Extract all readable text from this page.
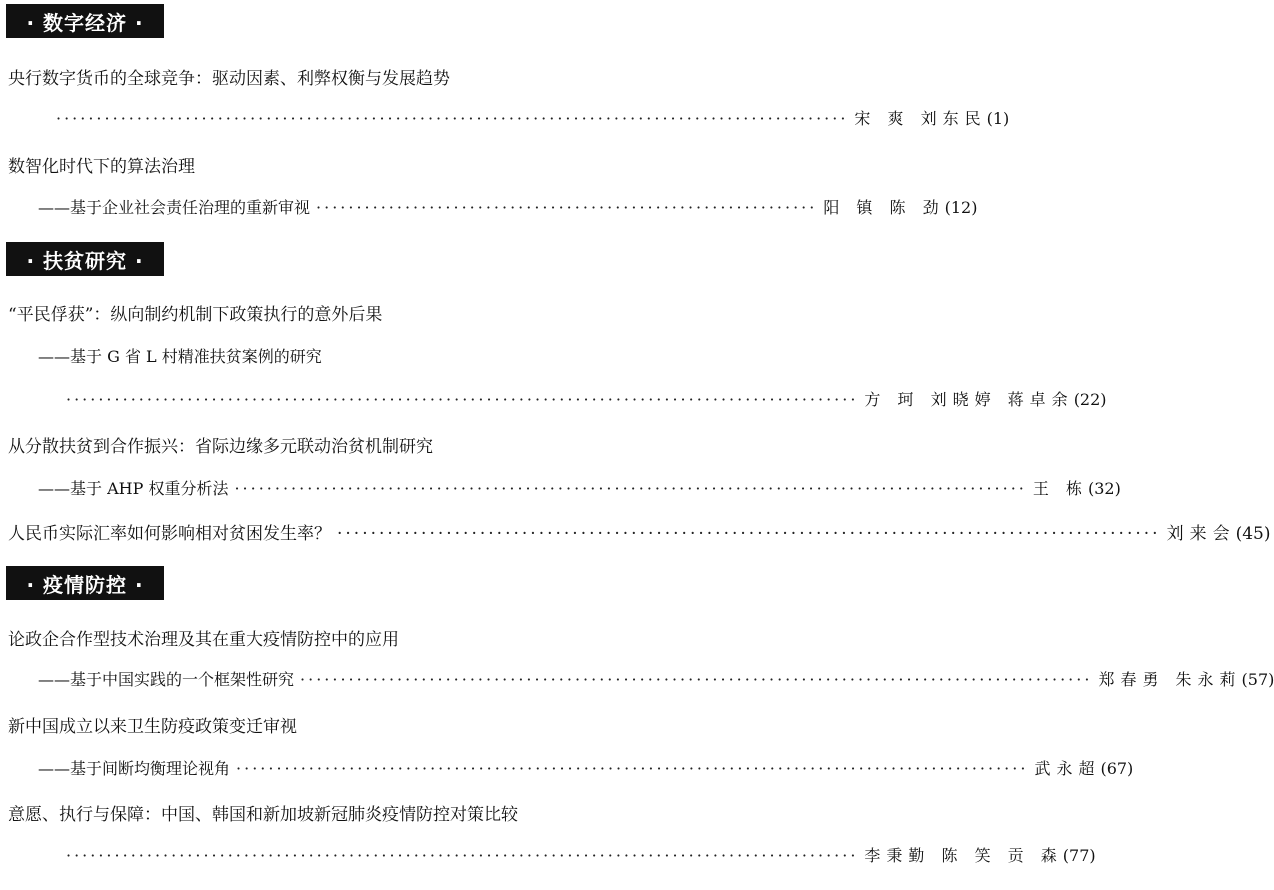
· 数字经济 ·
央行数字货币的全球竞争：驱动因素、利弊权衡与发展趋势
·································································································· 宋 爽 刘东民 (1)
数智化时代下的算法治理
——基于企业社会责任治理的重新审视 ······························································ 阳 镇 陈 劲 (12)
· 扶贫研究 ·
“平民俘获”：纵向制约机制下政策执行的意外后果
——基于 G 省 L 村精准扶贫案例的研究
·································································································· 方 珂 刘晓婷 蒋卓余 (22)
从分散扶贫到合作振兴：省际边缘多元联动治贫机制研究
——基于 AHP 权重分析法 ·································································································· 王 栋 (32)
人民币实际汇率如何影响相对贫困发生率？ ·································································································· 刘来会 (45)
· 疫情防控 ·
论政企合作型技术治理及其在重大疫情防控中的应用
——基于中国实践的一个框架性研究 ·································································································· 郑春勇 朱永莉 (57)
新中国成立以来卫生防疫政策变迁审视
——基于间断均衡理论视角 ·································································································· 武永超 (67)
意愿、执行与保障：中国、韩国和新加坡新冠肺炎疫情防控对策比较
·································································································· 李秉勤 陈 笑 贡 森 (77)
